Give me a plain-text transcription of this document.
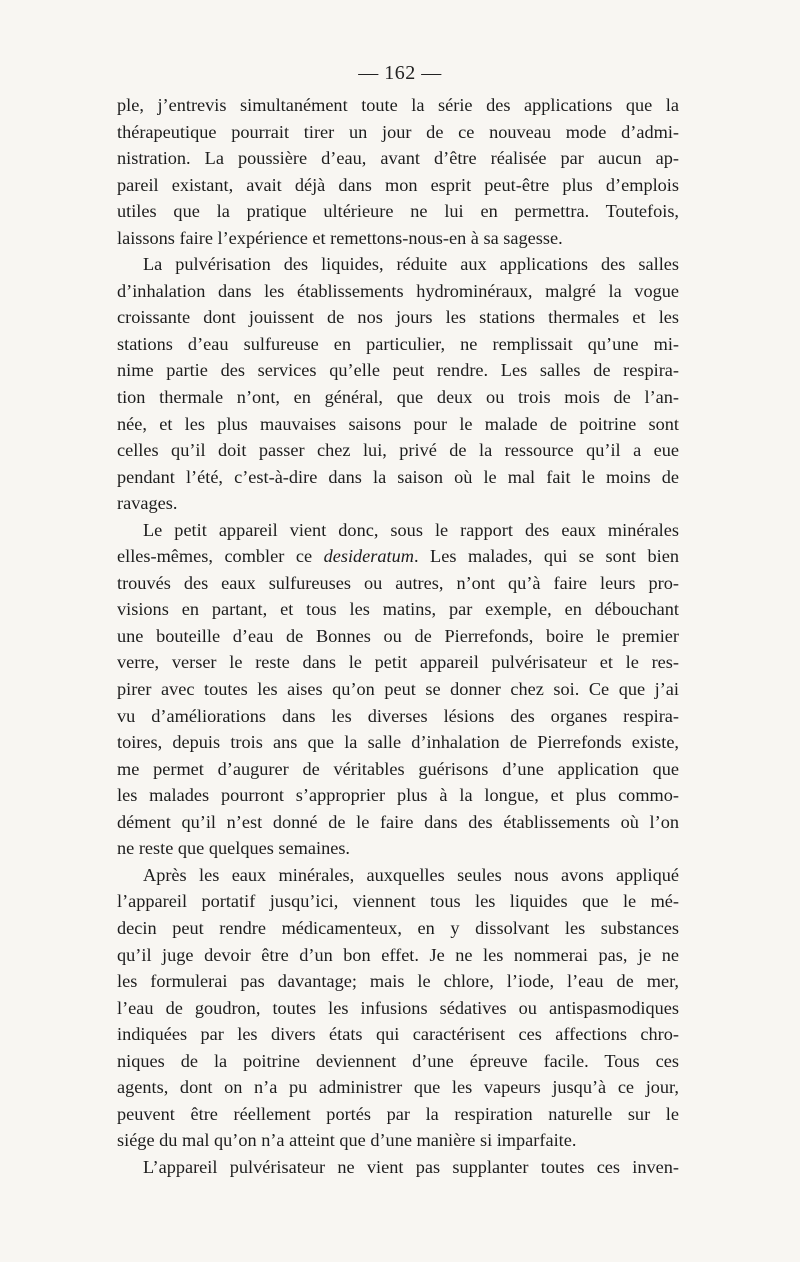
— 162 —
ple, j’entrevis simultanément toute la série des applications que la
thérapeutique pourrait tirer un jour de ce nouveau mode d’admi-
nistration. La poussière d’eau, avant d’être réalisée par aucun ap-
pareil existant, avait déjà dans mon esprit peut-être plus d’emplois
utiles que la pratique ultérieure ne lui en permettra. Toutefois,
laissons faire l’expérience et remettons-nous-en à sa sagesse.
La pulvérisation des liquides, réduite aux applications des salles
d’inhalation dans les établissements hydrominéraux, malgré la vogue
croissante dont jouissent de nos jours les stations thermales et les
stations d’eau sulfureuse en particulier, ne remplissait qu’une mi-
nime partie des services qu’elle peut rendre. Les salles de respira-
tion thermale n’ont, en général, que deux ou trois mois de l’an-
née, et les plus mauvaises saisons pour le malade de poitrine sont
celles qu’il doit passer chez lui, privé de la ressource qu’il a eue
pendant l’été, c’est-à-dire dans la saison où le mal fait le moins de
ravages.
Le petit appareil vient donc, sous le rapport des eaux minérales
elles-mêmes, combler ce desideratum. Les malades, qui se sont bien
trouvés des eaux sulfureuses ou autres, n’ont qu’à faire leurs pro-
visions en partant, et tous les matins, par exemple, en débouchant
une bouteille d’eau de Bonnes ou de Pierrefonds, boire le premier
verre, verser le reste dans le petit appareil pulvérisateur et le res-
pirer avec toutes les aises qu’on peut se donner chez soi. Ce que j’ai
vu d’améliorations dans les diverses lésions des organes respira-
toires, depuis trois ans que la salle d’inhalation de Pierrefonds existe,
me permet d’augurer de véritables guérisons d’une application que
les malades pourront s’approprier plus à la longue, et plus commo-
dément qu’il n’est donné de le faire dans des établissements où l’on
ne reste que quelques semaines.
Après les eaux minérales, auxquelles seules nous avons appliqué
l’appareil portatif jusqu’ici, viennent tous les liquides que le mé-
decin peut rendre médicamenteux, en y dissolvant les substances
qu’il juge devoir être d’un bon effet. Je ne les nommerai pas, je ne
les formulerai pas davantage; mais le chlore, l’iode, l’eau de mer,
l’eau de goudron, toutes les infusions sédatives ou antispasmodiques
indiquées par les divers états qui caractérisent ces affections chro-
niques de la poitrine deviennent d’une épreuve facile. Tous ces
agents, dont on n’a pu administrer que les vapeurs jusqu’à ce jour,
peuvent être réellement portés par la respiration naturelle sur le
siége du mal qu’on n’a atteint que d’une manière si imparfaite.
L’appareil pulvérisateur ne vient pas supplanter toutes ces inven-
